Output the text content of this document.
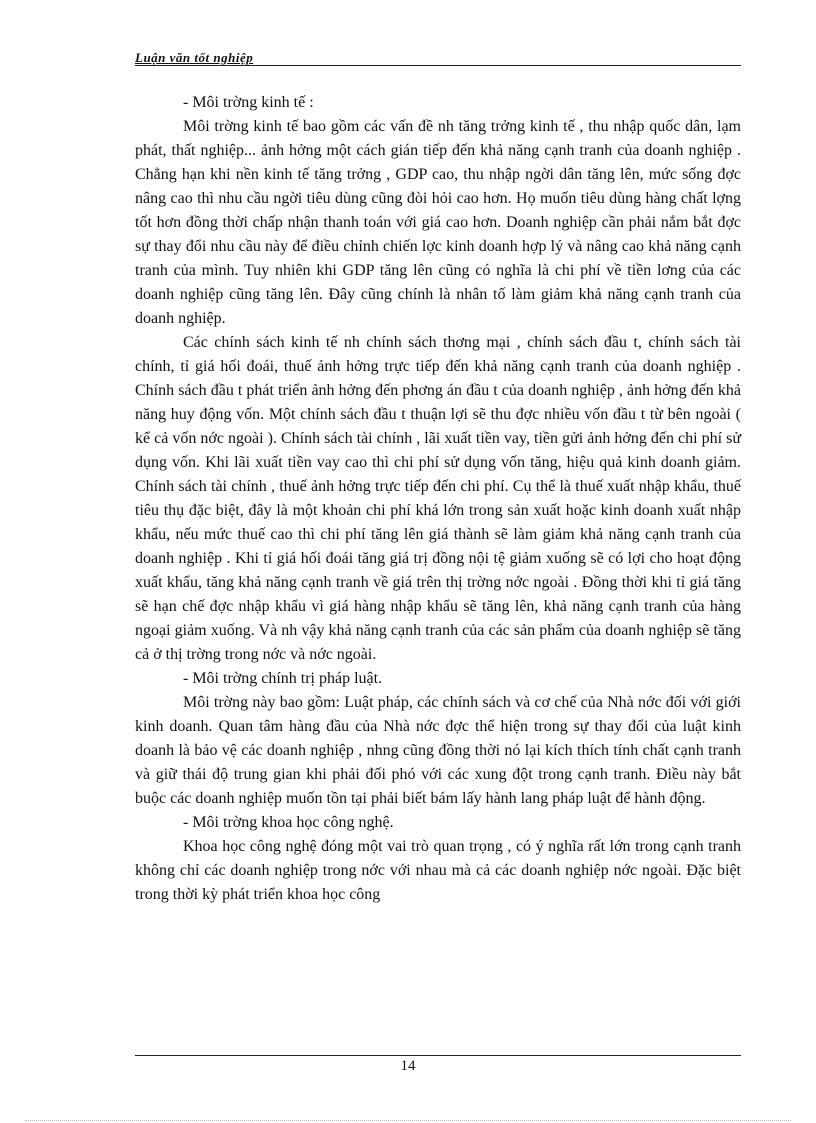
Luận văn tốt nghiệp

- Môi trờng kinh tế :

Môi trờng kinh tế bao gồm các vấn đề nh tăng trởng kinh tế , thu nhập quốc dân, lạm phát, thất nghiệp... ảnh hởng một cách gián tiếp đến khả năng cạnh tranh của doanh nghiệp . Chẳng hạn khi nền kinh tế tăng trởng , GDP cao, thu nhập ngời dân tăng lên, mức sống đợc nâng cao thì nhu cầu ngời tiêu dùng cũng đòi hỏi cao hơn. Họ muốn tiêu dùng hàng chất lợng tốt hơn đồng thời chấp nhận thanh toán với giá cao hơn. Doanh nghiệp cần phải nắm bắt đợc sự thay đổi nhu cầu này để điều chỉnh chiến lợc kinh doanh hợp lý và nâng cao khả năng cạnh tranh của mình. Tuy nhiên khi GDP tăng lên cũng có nghĩa là chi phí về tiền lơng của các doanh nghiệp cũng tăng lên. Đây cũng chính là nhân tố làm giảm khả năng cạnh tranh của doanh nghiệp.

Các chính sách kinh tế nh chính sách thơng mại , chính sách đầu t, chính sách tài chính, tỉ giá hối đoái, thuế ảnh hởng trực tiếp đến khả năng cạnh tranh của doanh nghiệp . Chính sách đầu t phát triển ảnh hởng đến phơng án đầu t của doanh nghiệp , ảnh hởng đến khả năng huy động vốn. Một chính sách đầu t thuận lợi sẽ thu đợc nhiều vốn đầu t từ bên ngoài ( kể cả vốn nớc ngoài ). Chính sách tài chính , lãi xuất tiền vay, tiền gửi ảnh hởng đến chi phí sử dụng vốn. Khi lãi xuất tiền vay cao thì chi phí sử dụng vốn tăng, hiệu quả kinh doanh giảm. Chính sách tài chính , thuế ảnh hởng trực tiếp đến chi phí. Cụ thể là thuế xuất nhập khẩu, thuế tiêu thụ đặc biệt, đây là một khoản chi phí khá lớn trong sản xuất hoặc kinh doanh xuất nhập khẩu, nếu mức thuế cao thì chi phí tăng lên giá thành sẽ làm giảm khả năng cạnh tranh của doanh nghiệp . Khi tỉ giá hối đoái tăng giá trị đồng nội tệ giảm xuống sẽ có lợi cho hoạt động xuất khẩu, tăng khả năng cạnh tranh về giá trên thị trờng nớc ngoài . Đồng thời khi tỉ giá tăng sẽ hạn chế đợc nhập khẩu vì giá hàng nhập khẩu sẽ tăng lên, khả năng cạnh tranh của hàng ngoại giảm xuống. Và nh vậy khả năng cạnh tranh của các sản phẩm của doanh nghiệp sẽ tăng cả ở thị trờng trong nớc và nớc ngoài.

- Môi trờng chính trị pháp luật.

Môi trờng này bao gồm: Luật pháp, các chính sách và cơ chế của Nhà nớc đối với giới kinh doanh. Quan tâm hàng đầu của Nhà nớc đợc thể hiện trong sự thay đổi của luật kinh doanh là bảo vệ các doanh nghiệp , nhng cũng đồng thời nó lại kích thích tính chất cạnh tranh và giữ thái độ trung gian khi phải đối phó với các xung đột trong cạnh tranh. Điều này bắt buộc các doanh nghiệp muốn tồn tại phải biết bám lấy hành lang pháp luật để hành động.

- Môi trờng khoa học công nghệ.

Khoa học công nghệ đóng một vai trò quan trọng , có ý nghĩa rất lớn trong cạnh tranh không chỉ các doanh nghiệp trong nớc với nhau mà cả các doanh nghiệp nớc ngoài. Đặc biệt trong thời kỳ phát triển khoa học công

14
